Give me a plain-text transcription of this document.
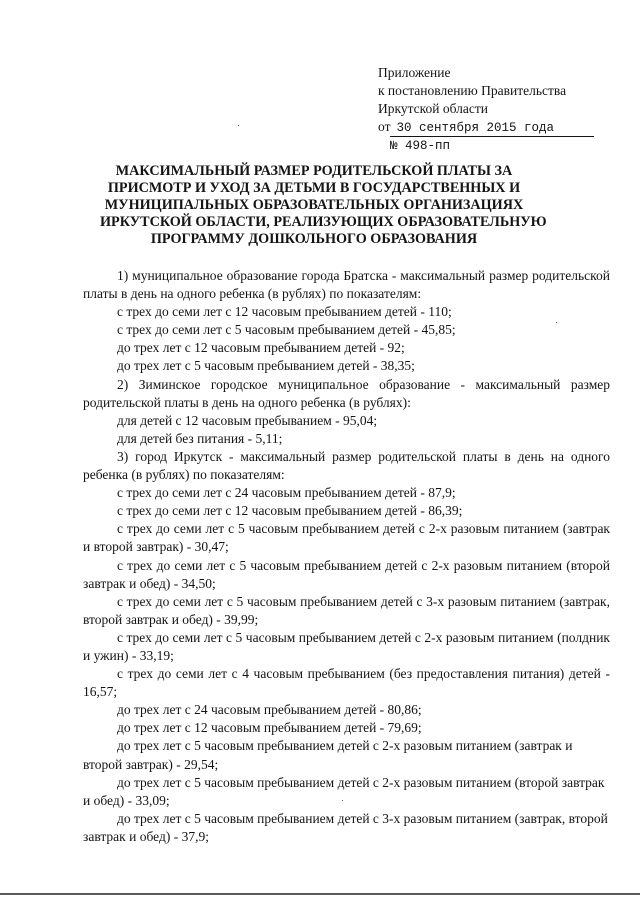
Приложение
к постановлению Правительства
Иркутской области
от 30 сентября 2015 года
№ 498-пп
МАКСИМАЛЬНЫЙ РАЗМЕР РОДИТЕЛЬСКОЙ ПЛАТЫ ЗА
ПРИСМОТР И УХОД ЗА ДЕТЬМИ В ГОСУДАРСТВЕННЫХ И
МУНИЦИПАЛЬНЫХ ОБРАЗОВАТЕЛЬНЫХ ОРГАНИЗАЦИЯХ
ИРКУТСКОЙ ОБЛАСТИ, РЕАЛИЗУЮЩИХ ОБРАЗОВАТЕЛЬНУЮ
ПРОГРАММУ ДОШКОЛЬНОГО ОБРАЗОВАНИЯ

1) муниципальное образование города Братска - максимальный размер родительской платы в день на одного ребенка (в рублях) по показателям:

с трех до семи лет с 12 часовым пребыванием детей - 110;

с трех до семи лет с 5 часовым пребыванием детей - 45,85;

до трех лет с 12 часовым пребыванием детей - 92;

до трех лет с 5 часовым пребыванием детей - 38,35;

2) Зиминское городское муниципальное образование - максимальный размер родительской платы в день на одного ребенка (в рублях):

для детей с 12 часовым пребыванием - 95,04;

для детей без питания - 5,11;

3) город Иркутск - максимальный размер родительской платы в день на одного ребенка (в рублях) по показателям:

с трех до семи лет с 24 часовым пребыванием детей - 87,9;

с трех до семи лет с 12 часовым пребыванием детей - 86,39;

с трех до семи лет с 5 часовым пребыванием детей с 2-х разовым питанием (завтрак и второй завтрак) - 30,47;

с трех до семи лет с 5 часовым пребыванием детей с 2-х разовым питанием (второй завтрак и обед) - 34,50;

с трех до семи лет с 5 часовым пребыванием детей с 3-х разовым питанием (завтрак, второй завтрак и обед) - 39,99;

с трех до семи лет с 5 часовым пребыванием детей с 2-х разовым питанием (полдник и ужин) - 33,19;

с трех до семи лет с 4 часовым пребыванием (без предоставления питания) детей - 16,57;

до трех лет с 24 часовым пребыванием детей - 80,86;

до трех лет с 12 часовым пребыванием детей - 79,69;

до трех лет с 5 часовым пребыванием детей с 2-х разовым питанием (завтрак и второй завтрак) - 29,54;

до трех лет с 5 часовым пребыванием детей с 2-х разовым питанием (второй завтрак и обед) - 33,09;

до трех лет с 5 часовым пребыванием детей с 3-х разовым питанием (завтрак, второй завтрак и обед) - 37,9;
